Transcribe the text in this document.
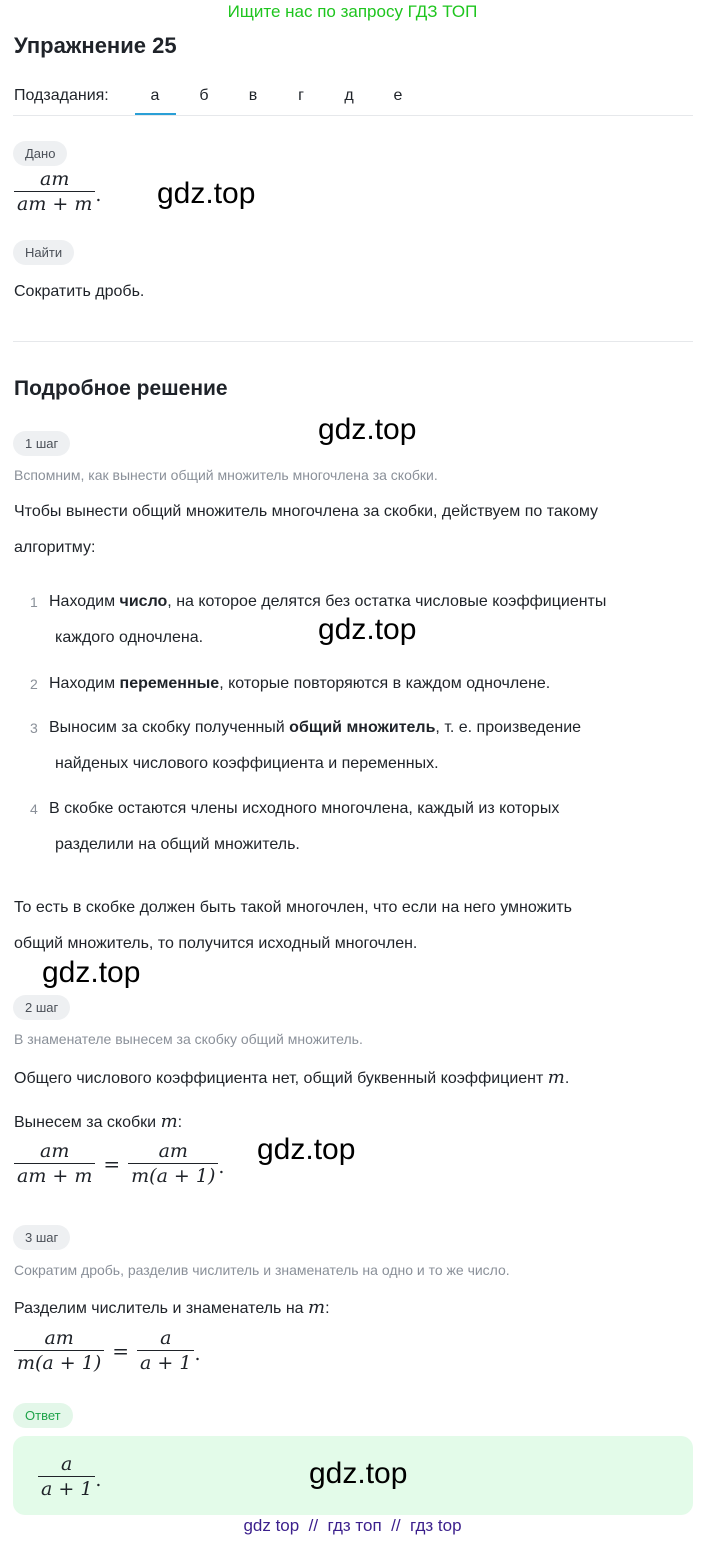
Ищите нас по запросу ГДЗ ТОП
Упражнение 25
Подзадания:	а	б	в	г	д	е
Дано
$\frac{am}{am + m}$ . gdz.top
Найти
Сократить дробь.
Подробное решение
1 шаг	gdz.top
Вспомним, как вынести общий множитель многочлена за скобки.
Чтобы вынести общий множитель многочлена за скобки, действуем по такому
алгоритму:
1 Находим число, на которое делятся без остатка числовые коэффициенты
каждого одночлена.	gdz.top
2 Находим переменные, которые повторяются в каждом одночлене.
3 Выносим за скобку полученный общий множитель, т. е. произведение
найденых числового коэффициента и переменных.
4 В скобке остаются члены исходного многочлена, каждый из которых
разделили на общий множитель.
То есть в скобке должен быть такой многочлен, что если на него умножить
общий множитель, то получится исходный многочлен.
gdz.top
2 шаг
В знаменателе вынесем за скобку общий множитель.
Общего числового коэффициента нет, общий буквенный коэффициент m.
Вынесем за скобки m:
$\frac{am}{am + m} = \frac{am}{m(a + 1)}$ .
gdz.top
3 шаг
Сократим дробь, разделив числитель и знаменатель на одно и то же число.
Разделим числитель и знаменатель на m:
$\frac{am}{m(a + 1)} = \frac{a}{a + 1}$ .
Ответ
$\frac{a}{a + 1}$ .	gdz.top
gdz top  //  гдз топ  //  гдз top
